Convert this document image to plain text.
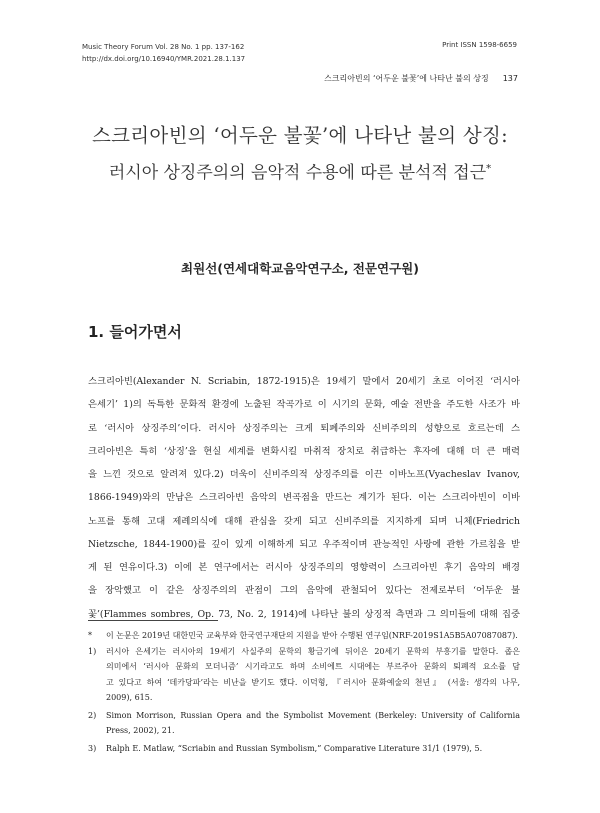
Music Theory Forum Vol. 28 No. 1 pp. 137-162
http://dx.doi.org/10.16940/YMR.2021.28.1.137
Print ISSN 1598-6659
스크리아빈의 ‘어두운 불꽃’에 나타난 불의 상징 137
스크리아빈의 ‘어두운 불꽃’에 나타난 불의 상징:
러시아 상징주의의 음악적 수용에 따른 분석적 접근*
최원선(연세대학교음악연구소, 전문연구원)
1. 들어가면서
스크리아빈(Alexander N. Scriabin, 1872-1915)은 19세기 말에서 20세기 초로 이어진 ‘러시아
은세기’ 1)의 독특한 문화적 환경에 노출된 작곡가로 이 시기의 문화, 예술 전반을 주도한 사조가 바
로 ‘러시아 상징주의’이다. 러시아 상징주의는 크게 퇴폐주의와 신비주의의 성향으로 흐르는데 스
크리아빈은 특히 ‘상징’을 현실 세계를 변화시킬 마취적 장치로 취급하는 후자에 대해 더 큰 매력
을 느낀 것으로 알려져 있다.2) 더욱이 신비주의적 상징주의를 이끈 이바노프(Vyacheslav Ivanov,
1866-1949)와의 만남은 스크리아빈 음악의 변곡점을 만드는 계기가 된다. 이는 스크리아빈이 이바
노프를 통해 고대 제례의식에 대해 관심을 갖게 되고 신비주의를 지지하게 되며 니체(Friedrich
Nietzsche, 1844-1900)를 깊이 있게 이해하게 되고 우주적이며 관능적인 사랑에 관한 가르침을 받
게 된 연유이다.3) 이에 본 연구에서는 러시아 상징주의의 영향력이 스크리아빈 후기 음악의 배경
을 장악했고 이 같은 상징주의의 관점이 그의 음악에 관철되어 있다는 전제로부터 ‘어두운 불
꽃’(Flammes sombres, Op. 73, No. 2, 1914)에 나타난 불의 상징적 측면과 그 의미들에 대해 집중
*	이 논문은 2019년 대한민국 교육부와 한국연구재단의 지원을 받아 수행된 연구임(NRF-2019S1A5B5A07087087).
1)	러시아 은세기는 러시아의 19세기 사실주의 문학의 황금기에 뒤이은 20세기 문학의 부흥기를 말한다. 좁은
의미에서 ‘러시아 문화의 모더니즘’ 시기라고도 하며 소비에트 시대에는 부르주아 문화의 퇴폐적 요소를 담
고 있다고 하여 ‘데카당파’라는 비난을 받기도 했다. 이덕형, 『러시아 문화예술의 천년』 (서울: 생각의 나무,
2009), 615.
2)	Simon Morrison, Russian Opera and the Symbolist Movement (Berkeley: University of California
Press, 2002), 21.
3)	Ralph E. Matlaw, “Scriabin and Russian Symbolism,” Comparative Literature 31/1 (1979), 5.
